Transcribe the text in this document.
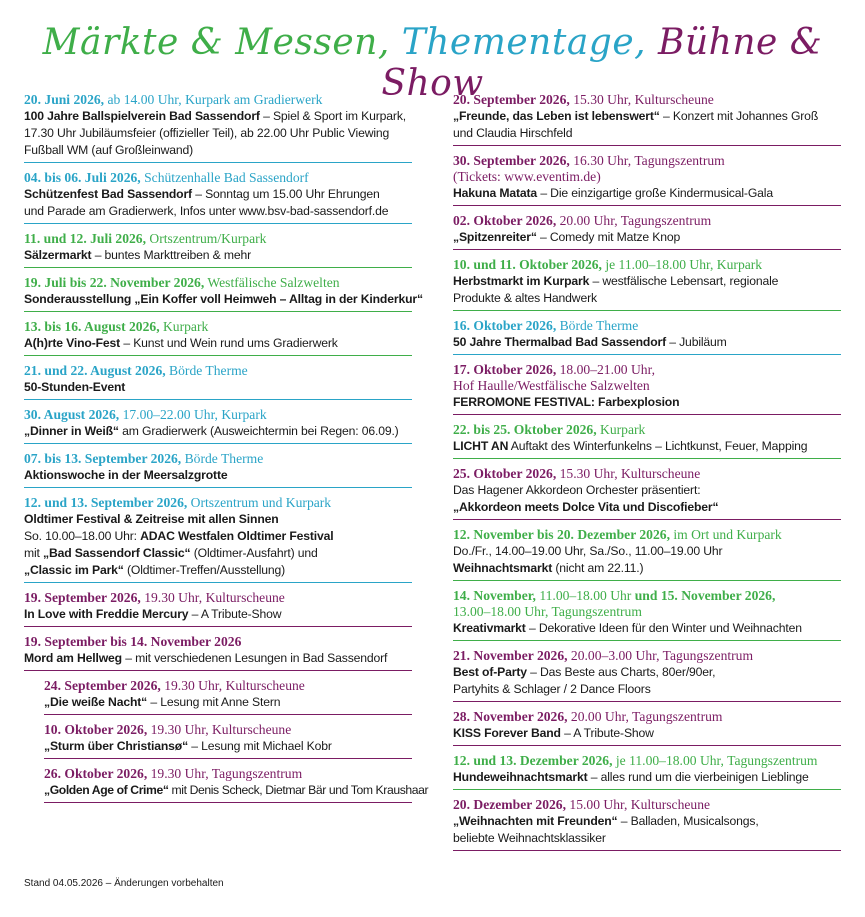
Märkte & Messen, Thementage, Bühne & Show
20. Juni 2026, ab 14.00 Uhr, Kurpark am Gradierwerk
100 Jahre Ballspielverein Bad Sassendorf – Spiel & Sport im Kurpark,
17.30 Uhr Jubiläumsfeier (offizieller Teil), ab 22.00 Uhr Public Viewing
Fußball WM (auf Großleinwand)
04. bis 06. Juli 2026, Schützenhalle Bad Sassendorf
Schützenfest Bad Sassendorf – Sonntag um 15.00 Uhr Ehrungen
und Parade am Gradierwerk, Infos unter www.bsv-bad-sassendorf.de
11. und 12. Juli 2026, Ortszentrum/Kurpark
Sälzermarkt – buntes Markttreiben & mehr
19. Juli bis 22. November 2026, Westfälische Salzwelten
Sonderausstellung „Ein Koffer voll Heimweh – Alltag in der Kinderkur“
13. bis 16. August 2026, Kurpark
A(h)rte Vino-Fest – Kunst und Wein rund ums Gradierwerk
21. und 22. August 2026, Börde Therme
50-Stunden-Event
30. August 2026, 17.00–22.00 Uhr, Kurpark
„Dinner in Weiß“ am Gradierwerk (Ausweichtermin bei Regen: 06.09.)
07. bis 13. September 2026, Börde Therme
Aktionswoche in der Meersalzgrotte
12. und 13. September 2026, Ortszentrum und Kurpark
Oldtimer Festival & Zeitreise mit allen Sinnen
So. 10.00–18.00 Uhr: ADAC Westfalen Oldtimer Festival
mit „Bad Sassendorf Classic“ (Oldtimer-Ausfahrt) und
„Classic im Park“ (Oldtimer-Treffen/Ausstellung)
19. September 2026, 19.30 Uhr, Kulturscheune
In Love with Freddie Mercury – A Tribute-Show
19. September bis 14. November 2026
Mord am Hellweg – mit verschiedenen Lesungen in Bad Sassendorf
24. September 2026, 19.30 Uhr, Kulturscheune
„Die weiße Nacht“ – Lesung mit Anne Stern
10. Oktober 2026, 19.30 Uhr, Kulturscheune
„Sturm über Christiansø“ – Lesung mit Michael Kobr
26. Oktober 2026, 19.30 Uhr, Tagungszentrum
„Golden Age of Crime“ mit Denis Scheck, Dietmar Bär und Tom Kraushaar
20. September 2026, 15.30 Uhr, Kulturscheune
„Freunde, das Leben ist lebenswert“ – Konzert mit Johannes Groß
und Claudia Hirschfeld
30. September 2026, 16.30 Uhr, Tagungszentrum
(Tickets: www.eventim.de)
Hakuna Matata – Die einzigartige große Kindermusical-Gala
02. Oktober 2026, 20.00 Uhr, Tagungszentrum
„Spitzenreiter“ – Comedy mit Matze Knop
10. und 11. Oktober 2026, je 11.00–18.00 Uhr, Kurpark
Herbstmarkt im Kurpark – westfälische Lebensart, regionale
Produkte & altes Handwerk
16. Oktober 2026, Börde Therme
50 Jahre Thermalbad Bad Sassendorf – Jubiläum
17. Oktober 2026, 18.00–21.00 Uhr,
Hof Haulle/Westfälische Salzwelten
FERROMONE FESTIVAL: Farbexplosion
22. bis 25. Oktober 2026, Kurpark
LICHT AN Auftakt des Winterfunkelns – Lichtkunst, Feuer, Mapping
25. Oktober 2026, 15.30 Uhr, Kulturscheune
Das Hagener Akkordeon Orchester präsentiert:
„Akkordeon meets Dolce Vita und Discofieber“
12. November bis 20. Dezember 2026, im Ort und Kurpark
Do./Fr., 14.00–19.00 Uhr, Sa./So., 11.00–19.00 Uhr
Weihnachtsmarkt (nicht am 22.11.)
14. November, 11.00–18.00 Uhr und 15. November 2026,
13.00–18.00 Uhr, Tagungszentrum
Kreativmarkt – Dekorative Ideen für den Winter und Weihnachten
21. November 2026, 20.00–3.00 Uhr, Tagungszentrum
Best of-Party – Das Beste aus Charts, 80er/90er,
Partyhits & Schlager / 2 Dance Floors
28. November 2026, 20.00 Uhr, Tagungszentrum
KISS Forever Band – A Tribute-Show
12. und 13. Dezember 2026, je 11.00–18.00 Uhr, Tagungszentrum
Hundeweihnachtsmarkt – alles rund um die vierbeinigen Lieblinge
20. Dezember 2026, 15.00 Uhr, Kulturscheune
„Weihnachten mit Freunden“ – Balladen, Musicalsongs,
beliebte Weihnachtsklassiker
Stand 04.05.2026 – Änderungen vorbehalten
